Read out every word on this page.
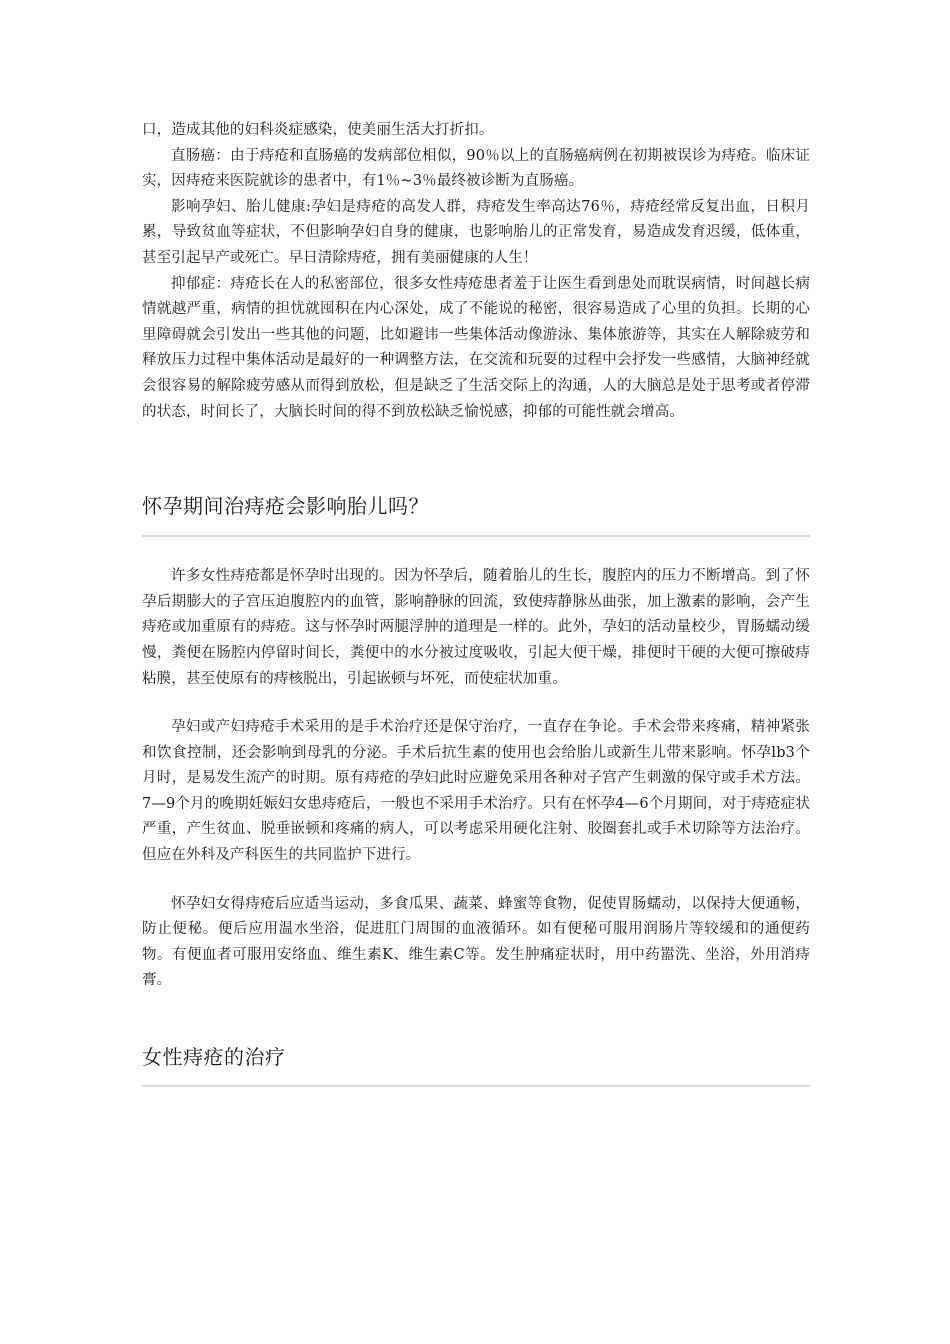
口，造成其他的妇科炎症感染，使美丽生活大打折扣。

直肠癌：由于痔疮和直肠癌的发病部位相似，90％以上的直肠癌病例在初期被误诊为痔疮。临床证实，因痔疮来医院就诊的患者中，有1％~3％最终被诊断为直肠癌。

影响孕妇、胎儿健康:孕妇是痔疮的高发人群，痔疮发生率高达76％，痔疮经常反复出血，日积月累，导致贫血等症状，不但影响孕妇自身的健康，也影响胎儿的正常发育，易造成发育迟缓，低体重，甚至引起早产或死亡。早日清除痔疮，拥有美丽健康的人生！

抑郁症：痔疮长在人的私密部位，很多女性痔疮患者羞于让医生看到患处而耽误病情，时间越长病情就越严重，病情的担忧就囤积在内心深处，成了不能说的秘密，很容易造成了心里的负担。长期的心里障碍就会引发出一些其他的问题，比如避讳一些集体活动像游泳、集体旅游等，其实在人解除疲劳和释放压力过程中集体活动是最好的一种调整方法，在交流和玩耍的过程中会抒发一些感情，大脑神经就会很容易的解除疲劳感从而得到放松，但是缺乏了生活交际上的沟通，人的大脑总是处于思考或者停滞的状态，时间长了，大脑长时间的得不到放松缺乏愉悦感，抑郁的可能性就会增高。

怀孕期间治痔疮会影响胎儿吗？

许多女性痔疮都是怀孕时出现的。因为怀孕后，随着胎儿的生长，腹腔内的压力不断增高。到了怀孕后期膨大的子宫压迫腹腔内的血管，影响静脉的回流，致使痔静脉丛曲张，加上激素的影响，会产生痔疮或加重原有的痔疮。这与怀孕时两腿浮肿的道理是一样的。此外，孕妇的活动量校少，胃肠蠕动缓慢，粪便在肠腔内停留时间长，粪便中的水分被过度吸收，引起大便干燥，排便时干硬的大便可擦破痔粘膜，甚至使原有的痔核脱出，引起嵌顿与坏死，而使症状加重。

孕妇或产妇痔疮手术采用的是手术治疗还是保守治疗，一直存在争论。手术会带来疼痛，精神紧张和饮食控制，还会影响到母乳的分泌。手术后抗生素的使用也会给胎儿或新生儿带来影响。怀孕lb3个月时，是易发生流产的时期。原有痔疮的孕妇此时应避免采用各种对子宫产生刺激的保守或手术方法。7—9个月的晚期妊娠妇女患痔疮后，一般也不采用手术治疗。只有在怀孕4—6个月期间，对于痔疮症状严重，产生贫血、脱垂嵌顿和疼痛的病人，可以考虑采用硬化注射、胶圈套扎或手术切除等方法治疗。但应在外科及产科医生的共同监护下进行。

怀孕妇女得痔疮后应适当运动，多食瓜果、蔬菜、蜂蜜等食物，促使胃肠蠕动，以保持大便通畅，防止便秘。便后应用温水坐浴，促进肛门周围的血液循环。如有便秘可服用润肠片等较缓和的通便药物。有便血者可服用安络血、维生素K、维生素C等。发生肿痛症状时，用中药嚣洗、坐浴，外用消痔膏。

女性痔疮的治疗
